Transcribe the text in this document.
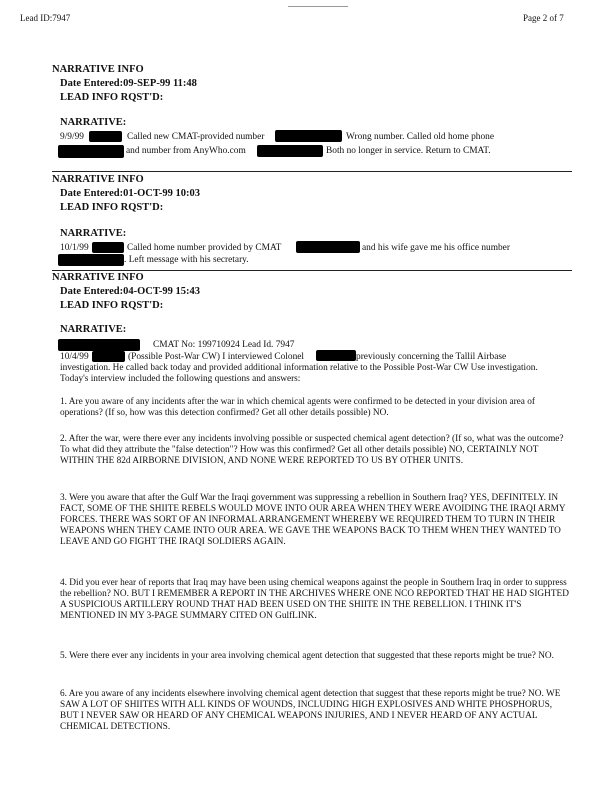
Lead ID:7947	Page 2 of 7
NARRATIVE INFO
Date Entered:09-SEP-99 11:48
LEAD INFO RQST'D:
NARRATIVE:
9/9/99	Called new CMAT-provided number	Wrong number. Called old home phone
and number from AnyWho.com	Both no longer in service. Return to CMAT.
NARRATIVE INFO
Date Entered:01-OCT-99 10:03
LEAD INFO RQST'D:
NARRATIVE:
10/1/99	Called home number provided by CMAT	and his wife gave me his office number
. Left message with his secretary.
NARRATIVE INFO
Date Entered:04-OCT-99 15:43
LEAD INFO RQST'D:
NARRATIVE:
CMAT No: 199710924 Lead Id. 7947
10/4/99	(Possible Post-War CW) I interviewed Colonel	previously concerning the Tallil Airbase
investigation. He called back today and provided additional information relative to the Possible Post-War CW Use investigation. Today's interview included the following questions and answers:
1. Are you aware of any incidents after the war in which chemical agents were confirmed to be detected in your division area of operations? (If so, how was this detection confirmed? Get all other details possible) NO.
2. After the war, were there ever any incidents involving possible or suspected chemical agent detection? (If so, what was the outcome? To what did they attribute the "false detection"? How was this confirmed? Get all other details possible) NO, CERTAINLY NOT WITHIN THE 82d AIRBORNE DIVISION, AND NONE WERE REPORTED TO US BY OTHER UNITS.
3. Were you aware that after the Gulf War the Iraqi government was suppressing a rebellion in Southern Iraq? YES, DEFINITELY. IN FACT, SOME OF THE SHIITE REBELS WOULD MOVE INTO OUR AREA WHEN THEY WERE AVOIDING THE IRAQI ARMY FORCES. THERE WAS SORT OF AN INFORMAL ARRANGEMENT WHEREBY WE REQUIRED THEM TO TURN IN THEIR WEAPONS WHEN THEY CAME INTO OUR AREA. WE GAVE THE WEAPONS BACK TO THEM WHEN THEY WANTED TO LEAVE AND GO FIGHT THE IRAQI SOLDIERS AGAIN.
4. Did you ever hear of reports that Iraq may have been using chemical weapons against the people in Southern Iraq in order to suppress the rebellion? NO. BUT I REMEMBER A REPORT IN THE ARCHIVES WHERE ONE NCO REPORTED THAT HE HAD SIGHTED A SUSPICIOUS ARTILLERY ROUND THAT HAD BEEN USED ON THE SHIITE IN THE REBELLION. I THINK IT'S MENTIONED IN MY 3-PAGE SUMMARY CITED ON GulfLINK.
5. Were there ever any incidents in your area involving chemical agent detection that suggested that these reports might be true? NO.
6. Are you aware of any incidents elsewhere involving chemical agent detection that suggest that these reports might be true? NO. WE SAW A LOT OF SHIITES WITH ALL KINDS OF WOUNDS, INCLUDING HIGH EXPLOSIVES AND WHITE PHOSPHORUS, BUT I NEVER SAW OR HEARD OF ANY CHEMICAL WEAPONS INJURIES, AND I NEVER HEARD OF ANY ACTUAL CHEMICAL DETECTIONS.
